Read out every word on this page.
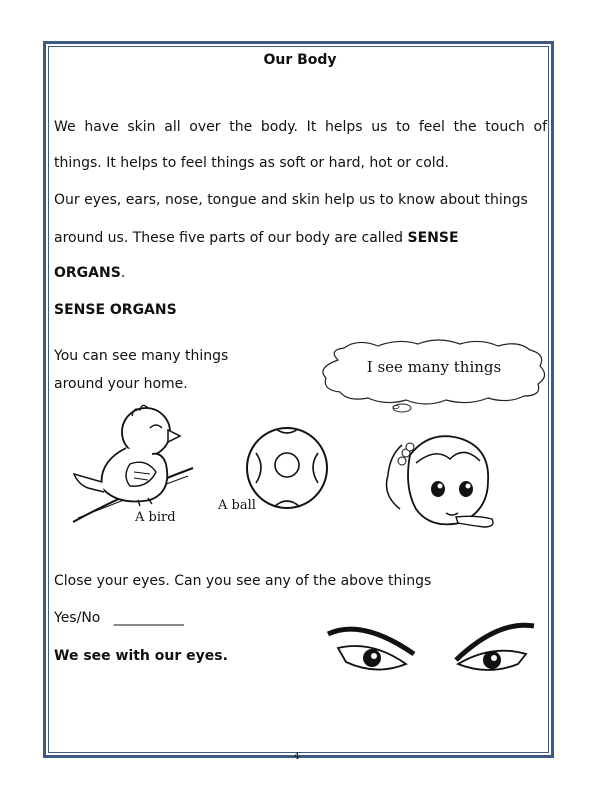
Our Body
We have skin all over the body. It helps us to feel the touch of
things. It helps to feel things as soft or hard, hot or cold.
Our eyes, ears, nose, tongue and skin help us to know about things
around us. These five parts of our body are called SENSE
ORGANS.
SENSE ORGANS
You can see many things
around your home.
I see many things
A bird
A ball
Close your eyes. Can you see any of the above things
Yes/No __________
We see with our eyes.
4
